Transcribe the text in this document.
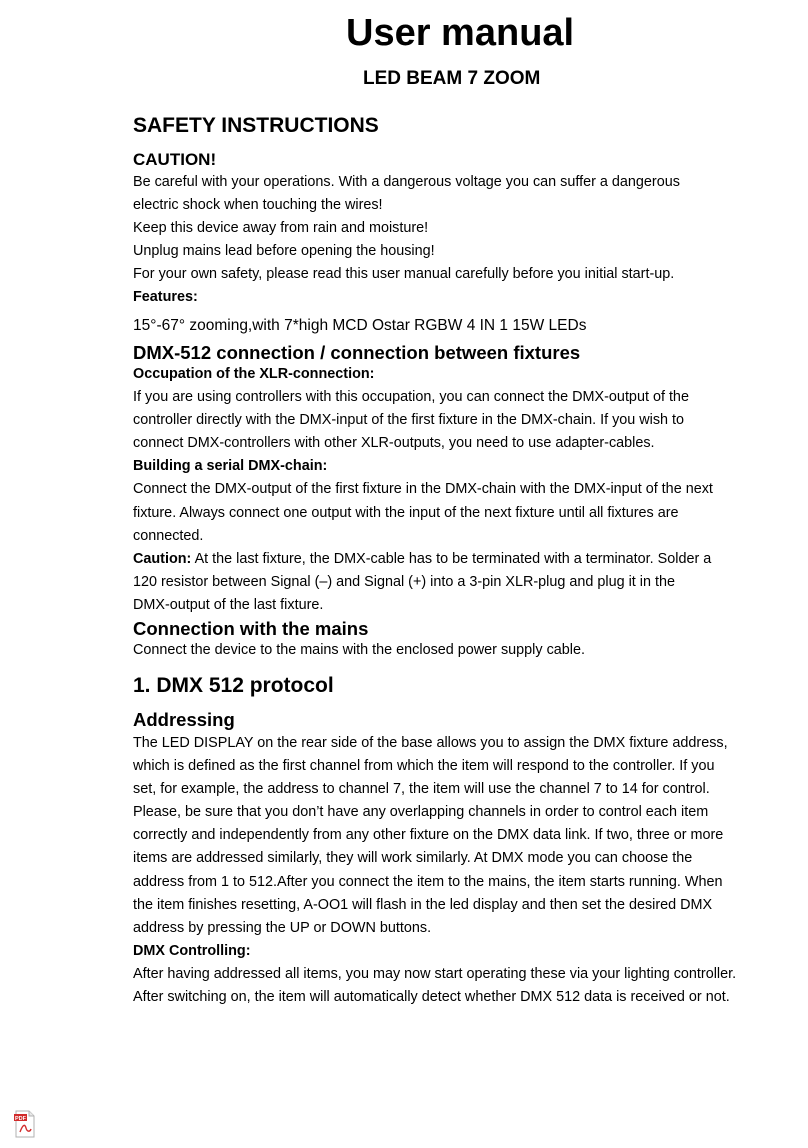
User manual
LED BEAM 7 ZOOM
SAFETY INSTRUCTIONS
CAUTION!

Be careful with your operations. With a dangerous voltage you can suffer a dangerous

electric shock when touching the wires!

Keep this device away from rain and moisture!

Unplug mains lead before opening the housing!

For your own safety, please read this user manual carefully before you initial start-up.

Features:

15°-67° zooming,with 7*high MCD Ostar RGBW 4 IN 1 15W LEDs
DMX-512 connection / connection between fixtures

Occupation of the XLR-connection:

If you are using controllers with this occupation, you can connect the DMX-output of the

controller directly with the DMX-input of the first fixture in the DMX-chain. If you wish to

connect DMX-controllers with other XLR-outputs, you need to use adapter-cables.

Building a serial DMX-chain:

Connect the DMX-output of the first fixture in the DMX-chain with the DMX-input of the next

fixture. Always connect one output with the input of the next fixture until all fixtures are

connected.

Caution: At the last fixture, the DMX-cable has to be terminated with a terminator. Solder a

120 resistor between Signal (–) and Signal (+) into a 3-pin XLR-plug and plug it in the

DMX-output of the last fixture.

Connection with the mains

Connect the device to the mains with the enclosed power supply cable.

1. DMX 512 protocol
Addressing

The LED DISPLAY on the rear side of the base allows you to assign the DMX fixture address,

which is defined as the first channel from which the item will respond to the controller. If you

set, for example, the address to channel 7, the item will use the channel 7 to 14 for control.

Please, be sure that you don’t have any overlapping channels in order to control each item

correctly and independently from any other fixture on the DMX data link. If two, three or more

items are addressed similarly, they will work similarly. At DMX mode you can choose the

address from 1 to 512.After you connect the item to the mains, the item starts running. When

the item finishes resetting, A-OO1 will flash in the led display and then set the desired DMX

address by pressing the UP or DOWN buttons.

DMX Controlling:

After having addressed all items, you may now start operating these via your lighting controller.

After switching on, the item will automatically detect whether DMX 512 data is received or not.

PDF
